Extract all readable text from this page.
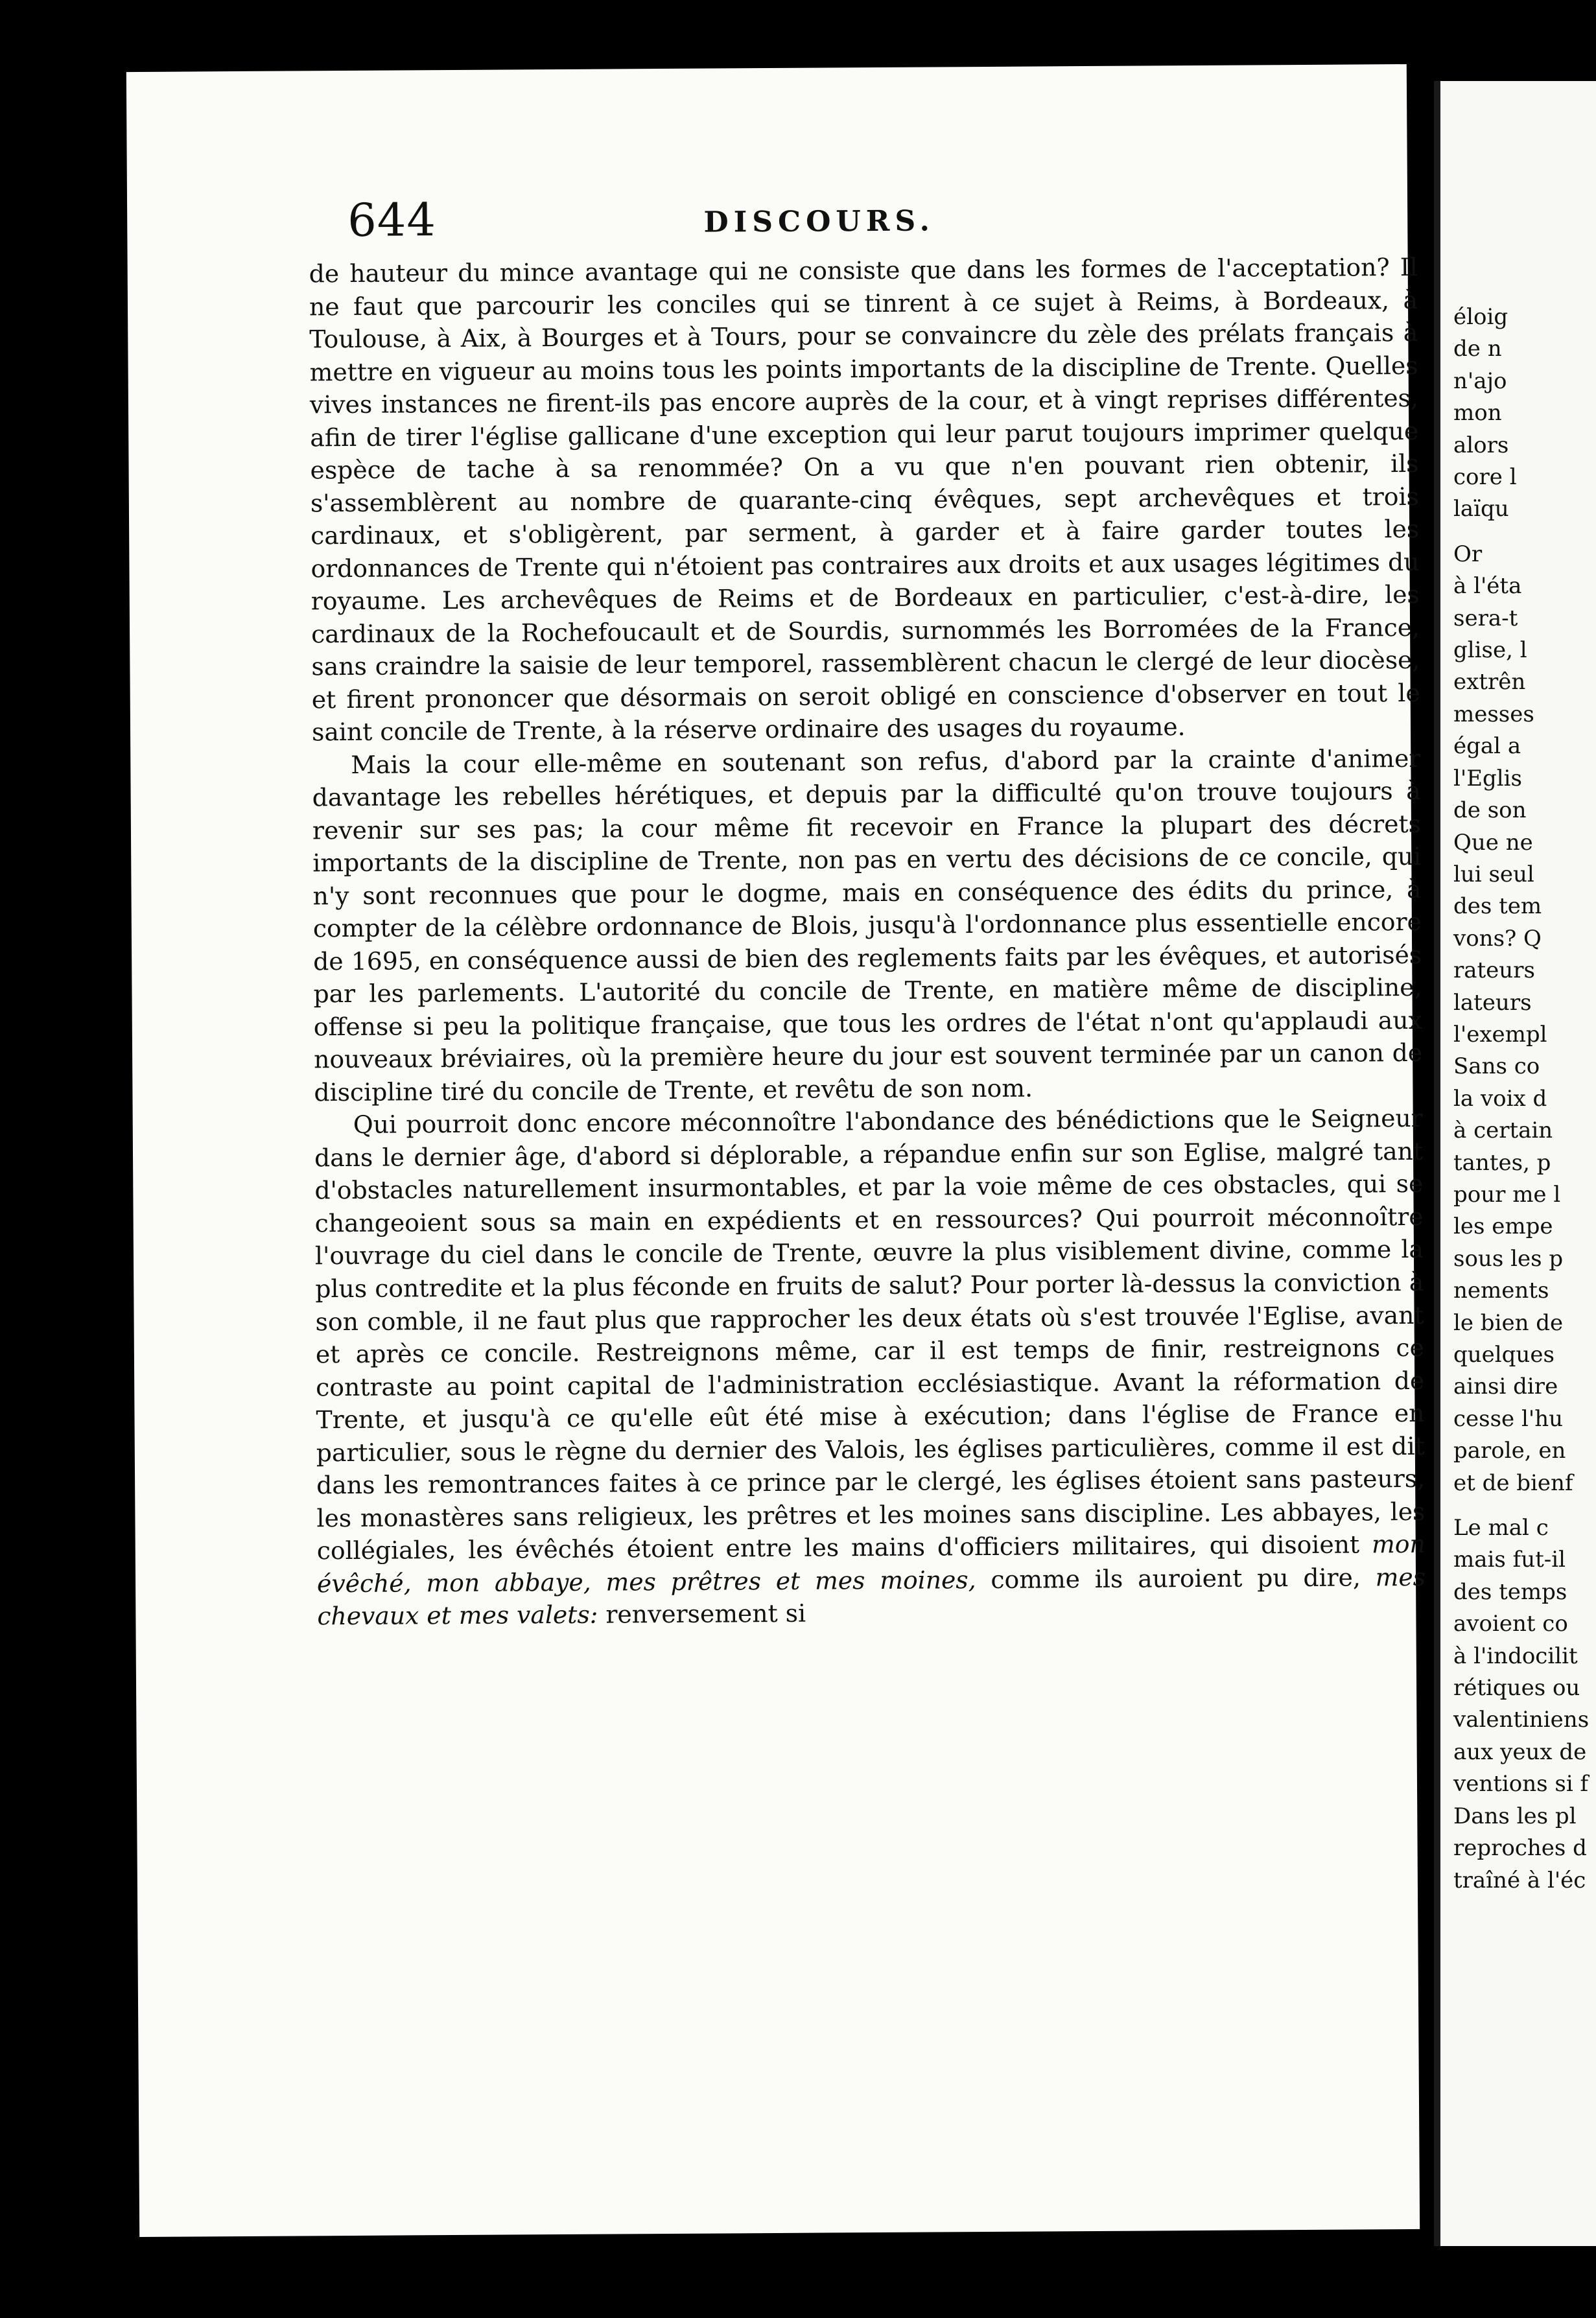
644	DISCOURS.

de hauteur du mince avantage qui ne consiste que dans les formes de l'acceptation? Il ne faut que parcourir les conciles qui se tinrent à ce sujet à Reims, à Bordeaux, à Toulouse, à Aix, à Bourges et à Tours, pour se convaincre du zèle des prélats français à mettre en vigueur au moins tous les points importants de la discipline de Trente. Quelles vives instances ne firent-ils pas encore auprès de la cour, et à vingt reprises différentes, afin de tirer l'église gallicane d'une exception qui leur parut toujours imprimer quelque espèce de tache à sa renommée? On a vu que n'en pouvant rien obtenir, ils s'assemblèrent au nombre de quarante-cinq évêques, sept archevêques et trois cardinaux, et s'obligèrent, par serment, à garder et à faire garder toutes les ordonnances de Trente qui n'étoient pas contraires aux droits et aux usages légitimes du royaume. Les archevêques de Reims et de Bordeaux en particulier, c'est-à-dire, les cardinaux de la Rochefoucault et de Sourdis, surnommés les Borromées de la France, sans craindre la saisie de leur temporel, rassemblèrent chacun le clergé de leur diocèse, et firent prononcer que désormais on seroit obligé en conscience d'observer en tout le saint concile de Trente, à la réserve ordinaire des usages du royaume.

Mais la cour elle-même en soutenant son refus, d'abord par la crainte d'animer davantage les rebelles hérétiques, et depuis par la difficulté qu'on trouve toujours à revenir sur ses pas; la cour même fit recevoir en France la plupart des décrets importants de la discipline de Trente, non pas en vertu des décisions de ce concile, qui n'y sont reconnues que pour le dogme, mais en conséquence des édits du prince, à compter de la célèbre ordonnance de Blois, jusqu'à l'ordonnance plus essentielle encore de 1695, en conséquence aussi de bien des reglements faits par les évêques, et autorisés par les parlements. L'autorité du concile de Trente, en matière même de discipline, offense si peu la politique française, que tous les ordres de l'état n'ont qu'applaudi aux nouveaux bréviaires, où la première heure du jour est souvent terminée par un canon de discipline tiré du concile de Trente, et revêtu de son nom.

Qui pourroit donc encore méconnoître l'abondance des bénédictions que le Seigneur dans le dernier âge, d'abord si déplorable, a répandue enfin sur son Eglise, malgré tant d'obstacles naturellement insurmontables, et par la voie même de ces obstacles, qui se changeoient sous sa main en expédients et en ressources? Qui pourroit méconnoître l'ouvrage du ciel dans le concile de Trente, œuvre la plus visiblement divine, comme la plus contredite et la plus féconde en fruits de salut? Pour porter là-dessus la conviction à son comble, il ne faut plus que rapprocher les deux états où s'est trouvée l'Eglise, avant et après ce concile. Restreignons même, car il est temps de finir, restreignons ce contraste au point capital de l'administration ecclésiastique. Avant la réformation de Trente, et jusqu'à ce qu'elle eût été mise à exécution; dans l'église de France en particulier, sous le règne du dernier des Valois, les églises particulières, comme il est dit dans les remontrances faites à ce prince par le clergé, les églises étoient sans pasteurs, les monastères sans religieux, les prêtres et les moines sans discipline. Les abbayes, les collégiales, les évêchés étoient entre les mains d'officiers militaires, qui disoient mon évêché, mon abbaye, mes prêtres et mes moines, comme ils auroient pu dire, mes chevaux et mes valets: renversement si

éloig
de n
n'ajo
mon
alors
core l
laïqu
Or
à l'éta
sera-t
glise, l
extrên
messes
égal a
l'Eglis
de son
Que ne
lui seul
des tem
vons? Q
rateurs
lateurs
l'exempl
Sans co
la voix d
à certain
tantes, p
pour me l
les empe
sous les p
nements
le bien de
quelques
ainsi dire
cesse l'hu
parole, en
et de bienf
Le mal c
mais fut-il
des temps
avoient co
à l'indocilit
rétiques ou
valentiniens
aux yeux de
ventions si f
Dans les pl
reproches d
traîné à l'éc
